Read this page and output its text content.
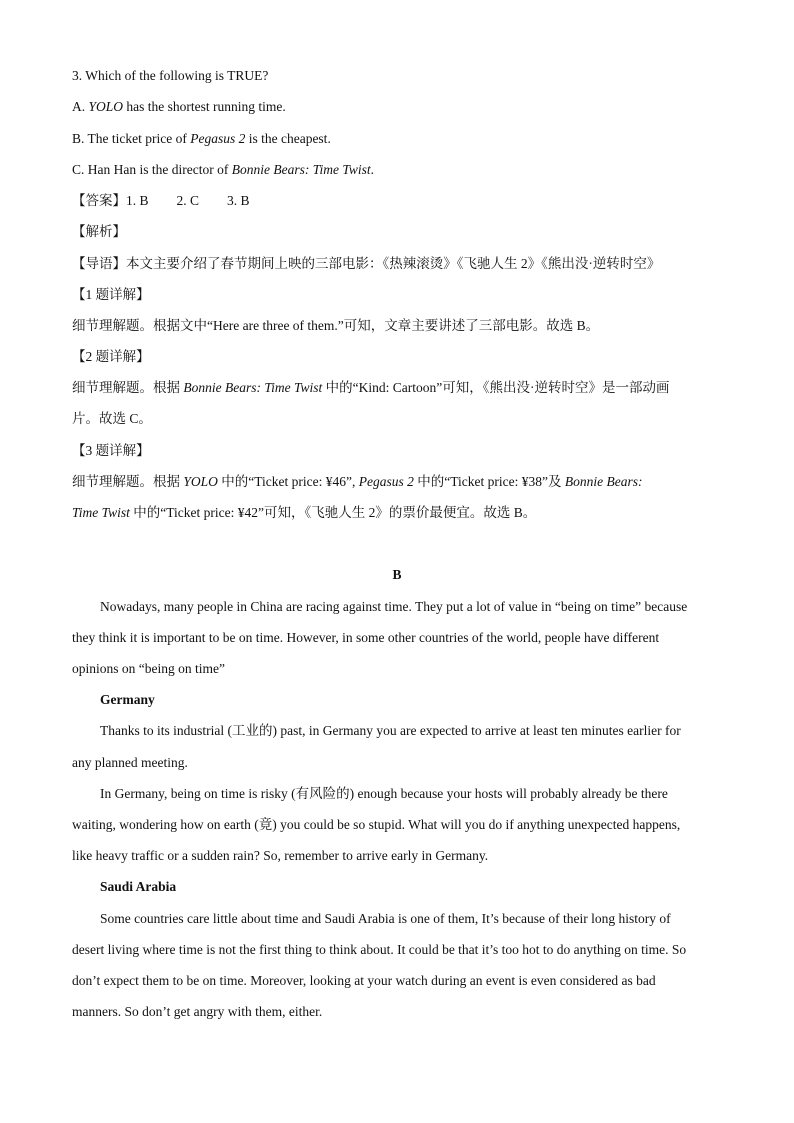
3. Which of the following is TRUE?
A. YOLO has the shortest running time.
B. The ticket price of Pegasus 2 is the cheapest.
C. Han Han is the director of Bonnie Bears: Time Twist.
【答案】1. B 2. C 3. B
【解析】
【导语】本文主要介绍了春节期间上映的三部电影：《热辣滚烫》《飞驰人生 2》《熊出没·逆转时空》
【1 题详解】
细节理解题。根据文中“Here are three of them.”可知，文章主要讲述了三部电影。故选 B。
【2 题详解】
细节理解题。根据 Bonnie Bears: Time Twist 中的“Kind: Cartoon”可知，《熊出没·逆转时空》是一部动画
片。故选 C。
【3 题详解】
细节理解题。根据 YOLO 中的“Ticket price: ¥46”, Pegasus 2 中的“Ticket price: ¥38”及 Bonnie Bears:
Time Twist 中的“Ticket price: ¥42”可知，《飞驰人生 2》的票价最便宜。故选 B。
B
Nowadays, many people in China are racing against time. They put a lot of value in “being on time” because
they think it is important to be on time. However, in some other countries of the world, people have different
opinions on “being on time”
Germany
Thanks to its industrial (工业的) past, in Germany you are expected to arrive at least ten minutes earlier for
any planned meeting.
In Germany, being on time is risky (有风险的) enough because your hosts will probably already be there
waiting, wondering how on earth (竟) you could be so stupid. What will you do if anything unexpected happens,
like heavy traffic or a sudden rain? So, remember to arrive early in Germany.
Saudi Arabia
Some countries care little about time and Saudi Arabia is one of them, It’s because of their long history of
desert living where time is not the first thing to think about. It could be that it’s too hot to do anything on time. So
don’t expect them to be on time. Moreover, looking at your watch during an event is even considered as bad
manners. So don’t get angry with them, either.
